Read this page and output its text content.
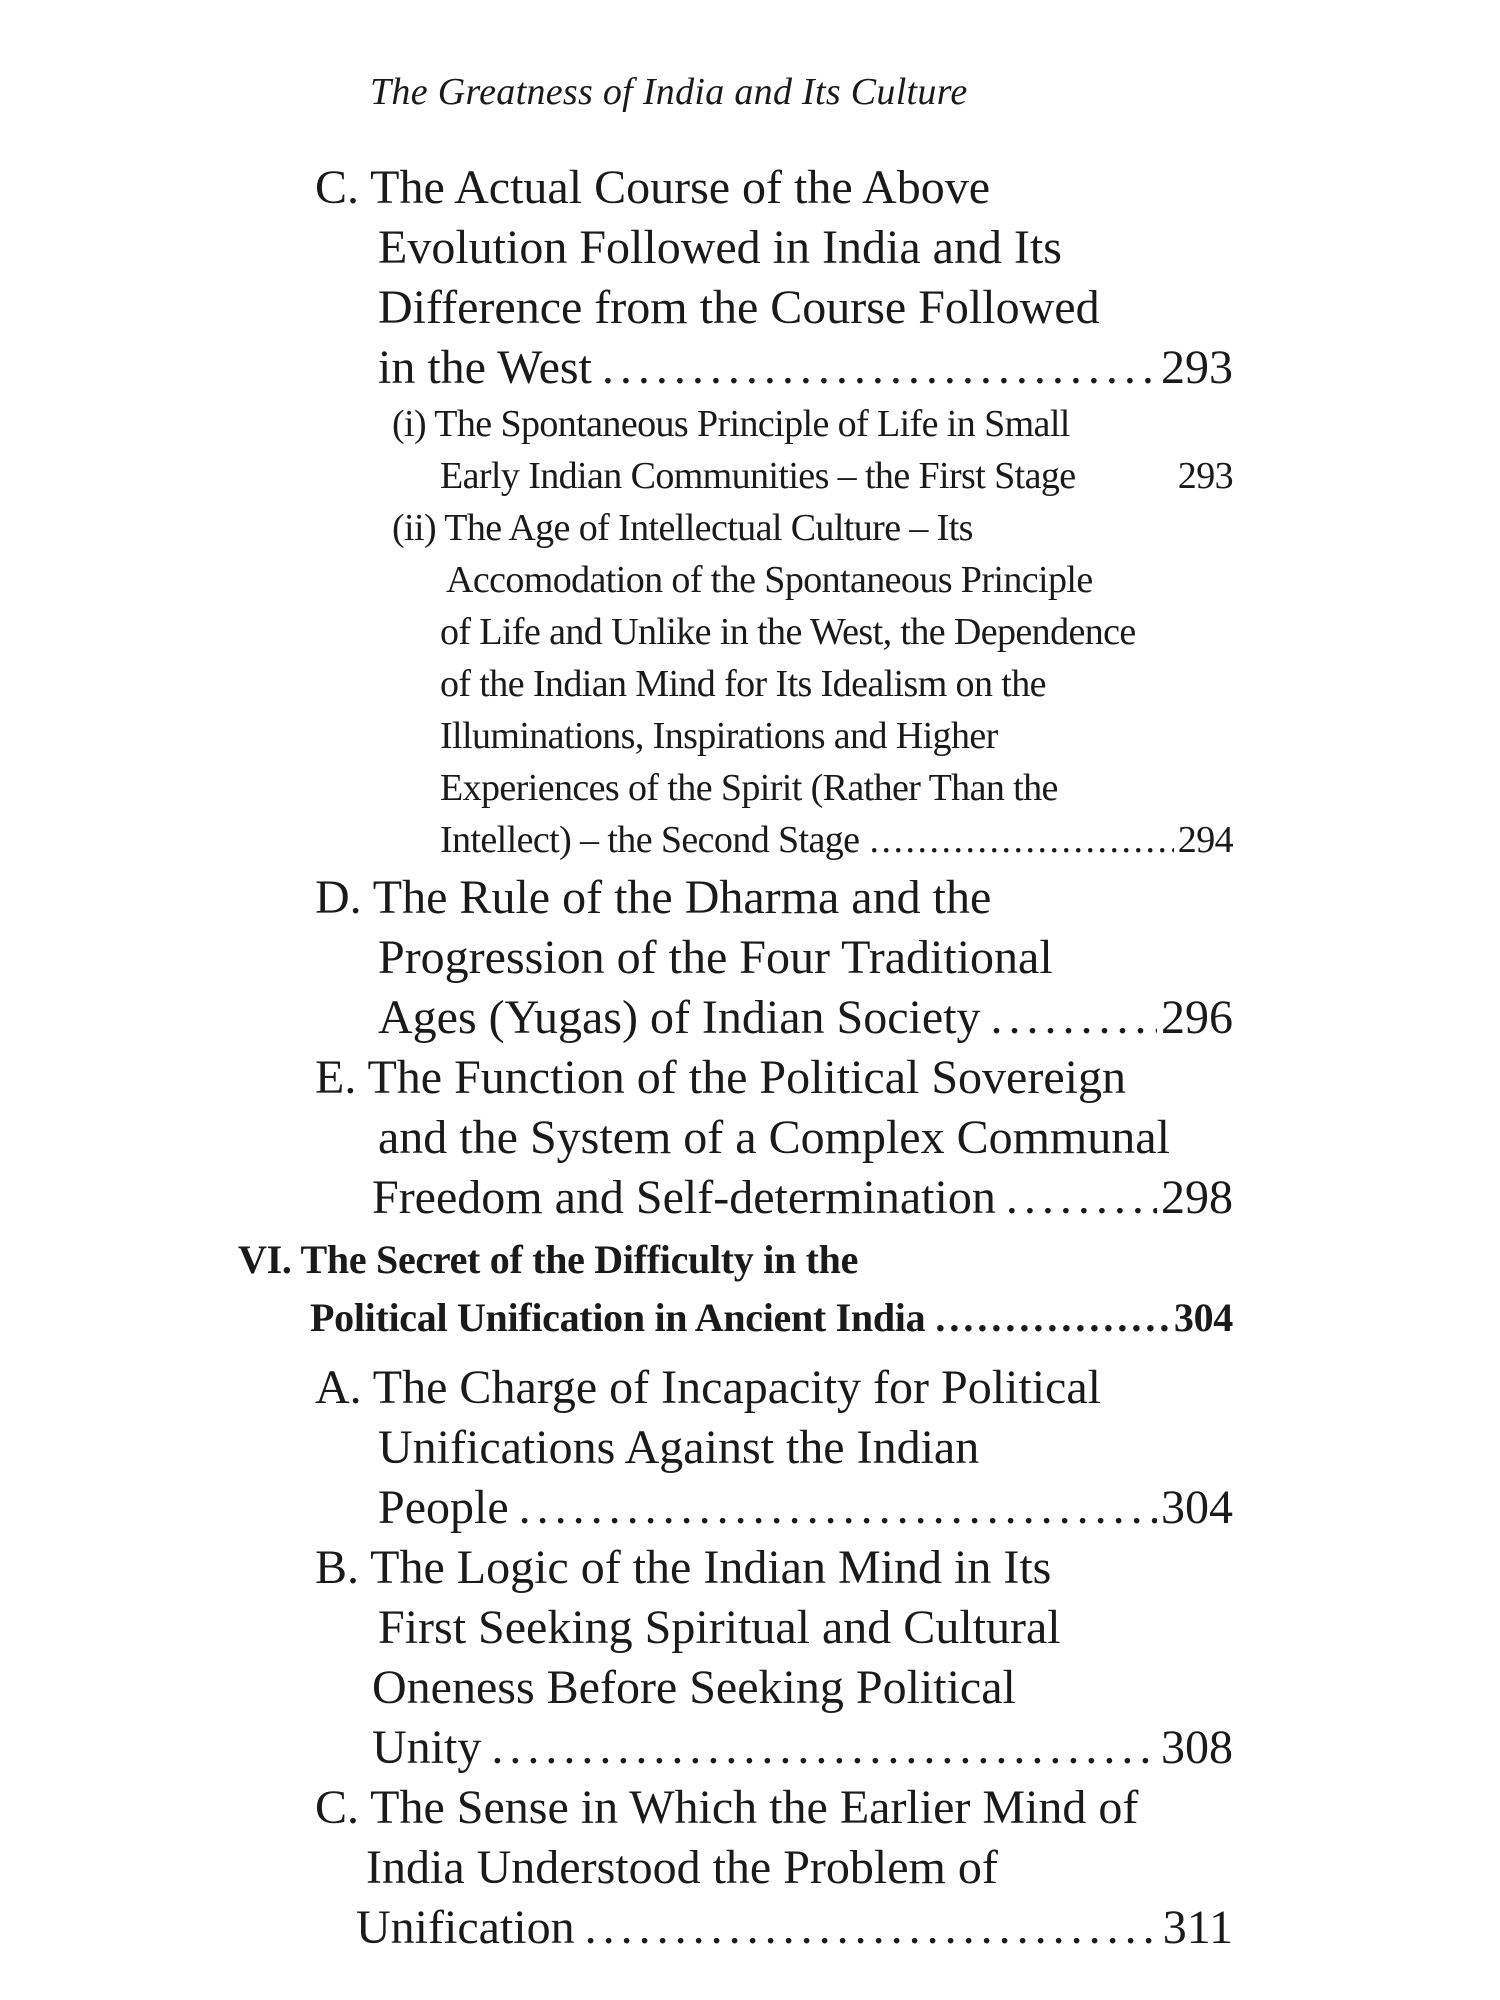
The Greatness of India and Its Culture
C. The Actual Course of the Above
Evolution Followed in India and Its
Difference from the Course Followed
in the West . . .	293
(i) The Spontaneous Principle of Life in Small
Early Indian Communities – the First Stage	293
(ii) The Age of Intellectual Culture – Its
Accomodation of the Spontaneous Principle
of Life and Unlike in the West, the Dependence
of the Indian Mind for Its Idealism on the
Illuminations, Inspirations and Higher
Experiences of the Spirit (Rather Than the
Intellect) – the Second Stage . . .	294
D. The Rule of the Dharma and the
Progression of the Four Traditional
Ages (Yugas) of Indian Society . . .	296
E. The Function of the Political Sovereign
and the System of a Complex Communal
Freedom and Self-determination . . .	298
VI. The Secret of the Difficulty in the
Political Unification in Ancient India . . .	304
A. The Charge of Incapacity for Political
Unifications Against the Indian
People . . .	304
B. The Logic of the Indian Mind in Its
First Seeking Spiritual and Cultural
Oneness Before Seeking Political
Unity . . .	308
C. The Sense in Which the Earlier Mind of
India Understood the Problem of
Unification . . .	311
